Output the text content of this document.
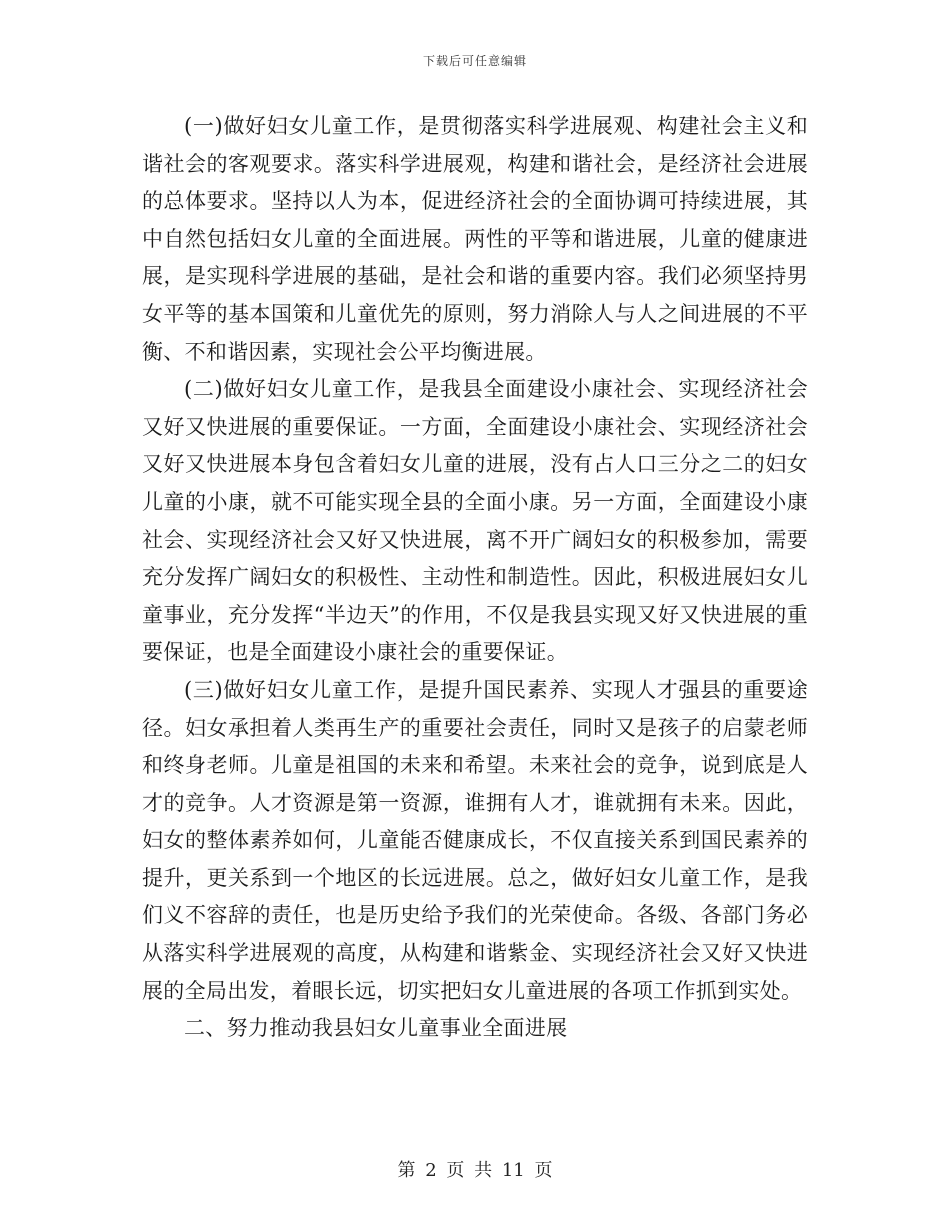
下载后可任意编辑

(一)做好妇女儿童工作，是贯彻落实科学进展观、构建社会主义和谐社会的客观要求。落实科学进展观，构建和谐社会，是经济社会进展的总体要求。坚持以人为本，促进经济社会的全面协调可持续进展，其中自然包括妇女儿童的全面进展。两性的平等和谐进展，儿童的健康进展，是实现科学进展的基础，是社会和谐的重要内容。我们必须坚持男女平等的基本国策和儿童优先的原则，努力消除人与人之间进展的不平衡、不和谐因素，实现社会公平均衡进展。

(二)做好妇女儿童工作，是我县全面建设小康社会、实现经济社会又好又快进展的重要保证。一方面，全面建设小康社会、实现经济社会又好又快进展本身包含着妇女儿童的进展，没有占人口三分之二的妇女儿童的小康，就不可能实现全县的全面小康。另一方面，全面建设小康社会、实现经济社会又好又快进展，离不开广阔妇女的积极参加，需要充分发挥广阔妇女的积极性、主动性和制造性。因此，积极进展妇女儿童事业，充分发挥“半边天”的作用，不仅是我县实现又好又快进展的重要保证，也是全面建设小康社会的重要保证。

(三)做好妇女儿童工作，是提升国民素养、实现人才强县的重要途径。妇女承担着人类再生产的重要社会责任，同时又是孩子的启蒙老师和终身老师。儿童是祖国的未来和希望。未来社会的竞争，说到底是人才的竞争。人才资源是第一资源，谁拥有人才，谁就拥有未来。因此，妇女的整体素养如何，儿童能否健康成长，不仅直接关系到国民素养的提升，更关系到一个地区的长远进展。总之，做好妇女儿童工作，是我们义不容辞的责任，也是历史给予我们的光荣使命。各级、各部门务必从落实科学进展观的高度，从构建和谐紫金、实现经济社会又好又快进展的全局出发，着眼长远，切实把妇女儿童进展的各项工作抓到实处。

二、努力推动我县妇女儿童事业全面进展

第 2 页 共 11 页
